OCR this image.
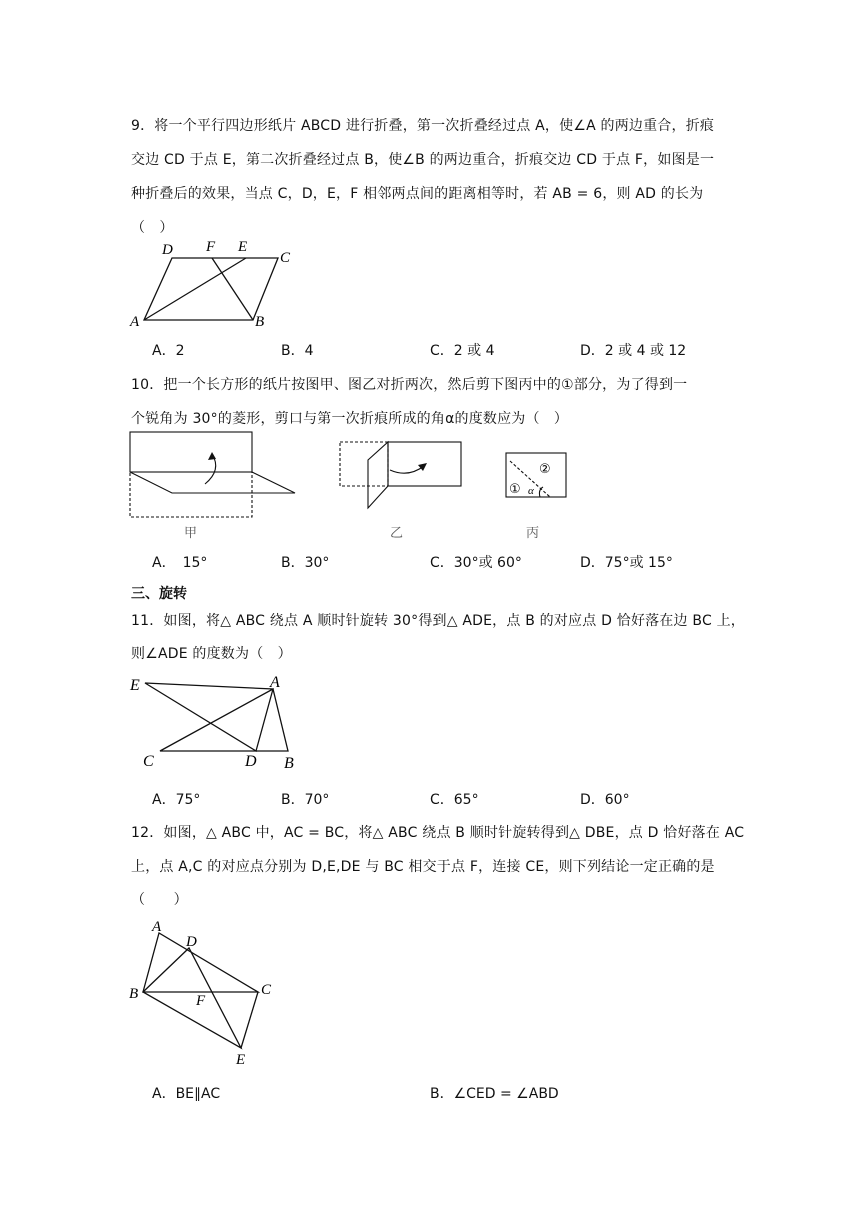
9．将一个平行四边形纸片 ABCD 进行折叠，第一次折叠经过点 A，使∠A 的两边重合，折痕
交边 CD 于点 E，第二次折叠经过点 B，使∠B 的两边重合，折痕交边 CD 于点 F，如图是一
种折叠后的效果，当点 C，D，E，F 相邻两点间的距离相等时，若 AB = 6，则 AD 的长为
（　）
D F E
C
A	B
A．2	B．4	C．2 或 4	D．2 或 4 或 12
10．把一个长方形的纸片按图甲、图乙对折两次，然后剪下图丙中的①部分，为了得到一
个锐角为 30°的菱形，剪口与第一次折痕所成的角α的度数应为（　）
②
① α
甲	乙	丙
A．　15°	B．30°	C．30°或 60°	D．75°或 15°
三、旋转
11．如图，将△ ABC 绕点 A 顺时针旋转 30°得到△ ADE，点 B 的对应点 D 恰好落在边 BC 上，
则∠ADE 的度数为（　）
E	A
C	D B
A．75°	B．70°	C．65°	D．60°
12．如图，△ ABC 中，AC = BC，将△ ABC 绕点 B 顺时针旋转得到△ DBE，点 D 恰好落在 AC
上，点 A,C 的对应点分别为 D,E,DE 与 BC 相交于点 F，连接 CE，则下列结论一定正确的是
（　　）
A
D
B	F
C
E
A．BE∥AC	B．∠CED = ∠ABD
